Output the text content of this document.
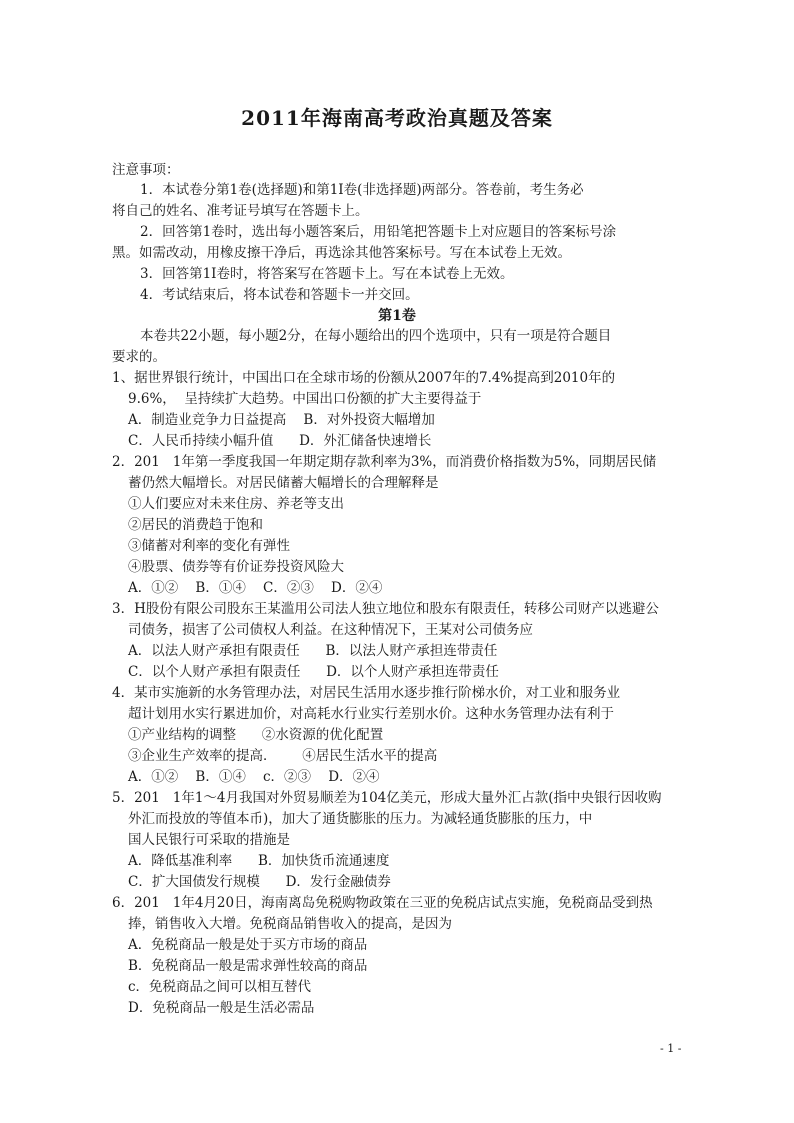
2011年海南高考政治真题及答案
注意事项：
1．本试卷分第1卷(选择题)和第1I卷(非选择题)两部分。答卷前，考生务必
将自己的姓名、准考证号填写在答题卡上。
2．回答第1卷时，选出每小题答案后，用铅笔把答题卡上对应题目的答案标号涂
黑。如需改动，用橡皮擦干净后，再选涂其他答案标号。写在本试卷上无效。
3．回答第1I卷时，将答案写在答题卡上。写在本试卷上无效。
4．考试结束后，将本试卷和答题卡一并交回。
第1卷
本卷共22小题，每小题2分，在每小题给出的四个选项中，只有一项是符合题目
要求的。
1、据世界银行统计，中国出口在全球市场的份额从2007年的7.4%提高到2010年的
9.6%，  呈持续扩大趋势。中国出口份额的扩大主要得益于
A．制造业竞争力日益提高    B．对外投资大幅增加
C．人民币持续小幅升值      D．外汇储备快速增长
2．201   1年第一季度我国一年期定期存款利率为3%，而消费价格指数为5%，同期居民储
蓄仍然大幅增长。对居民储蓄大幅增长的合理解释是
①人们要应对未来住房、养老等支出
②居民的消费趋于饱和
③储蓄对利率的变化有弹性
④股票、债券等有价证券投资风险大
A．①②    B．①④    C．②③    D．②④
3．H股份有限公司股东王某滥用公司法人独立地位和股东有限责任，转移公司财产以逃避公
司债务，损害了公司债权人利益。在这种情况下，王某对公司债务应
A．以法人财产承担有限责任      B．以法人财产承担连带责任
C．以个人财产承担有限责任      D．以个人财产承担连带责任
4．某市实施新的水务管理办法，对居民生活用水逐步推行阶梯水价，对工业和服务业
超计划用水实行累进加价，对高耗水行业实行差别水价。这种水务管理办法有利于
①产业结构的调整      ②水资源的优化配置
③企业生产效率的提高．      ④居民生活水平的提高
A．①②    B．①④    c．②③    D．②④
5．201   1年1～4月我国对外贸易顺差为104亿美元，形成大量外汇占款(指中央银行因收购
外汇而投放的等值本币)，加大了通货膨胀的压力。为减轻通货膨胀的压力，中
国人民银行可采取的措施是
A．降低基准利率      B．加快货币流通速度
C．扩大国债发行规模      D．发行金融债券
6．201   1年4月20日，海南离岛免税购物政策在三亚的免税店试点实施，免税商品受到热
捧，销售收入大增。免税商品销售收入的提高，是因为
A．免税商品一般是处于买方市场的商品
B．免税商品一般是需求弹性较高的商品
c．免税商品之间可以相互替代
D．免税商品一般是生活必需品
- 1 -
